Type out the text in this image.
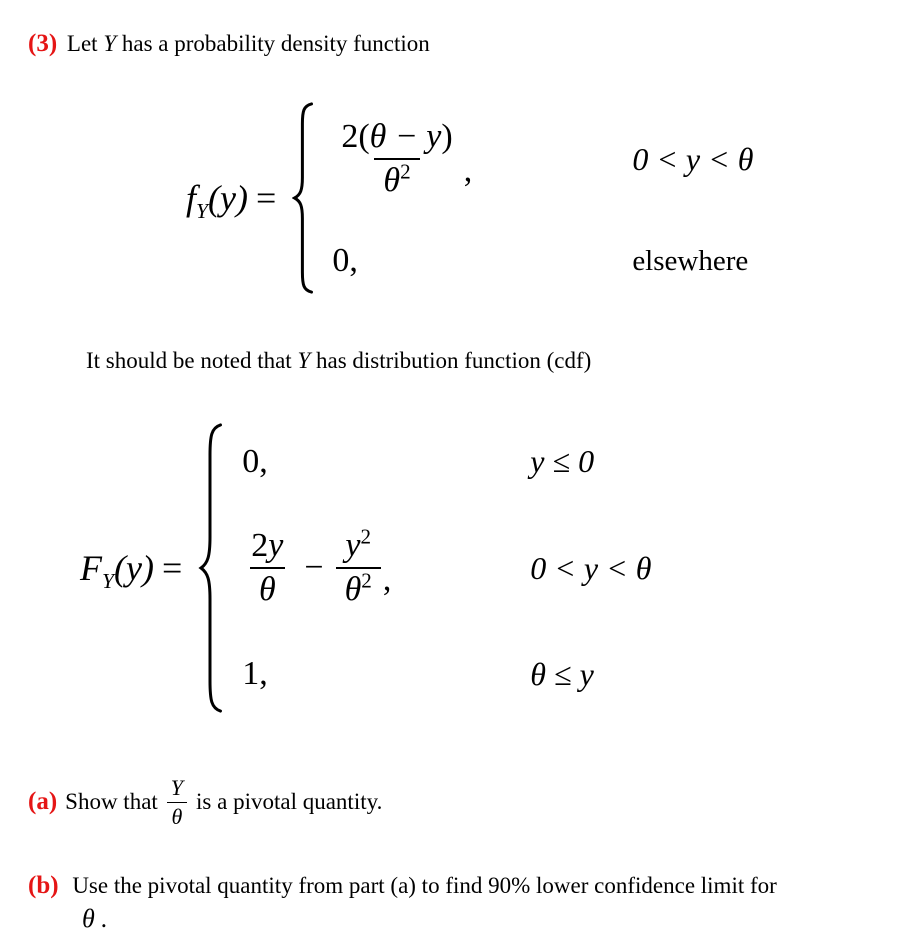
(3) Let Y has a probability density function
$f_Y(y) = \frac{2(\theta - y)}{\theta^2}$ ,	0 < y < θ
0,	elsewhere
It should be noted that Y has distribution function (cdf)
$F_Y(y)$ =
0,	y ≤ 0
$\frac{2y}{\theta} - \frac{y^2}{\theta^2}$ ,	0 < y < θ
1,	θ ≤ y
(a) Show that $\frac{Y}{\theta}$ is a pivotal quantity.
(b) Use the pivotal quantity from part (a) to find 90% lower confidence limit for
θ .
